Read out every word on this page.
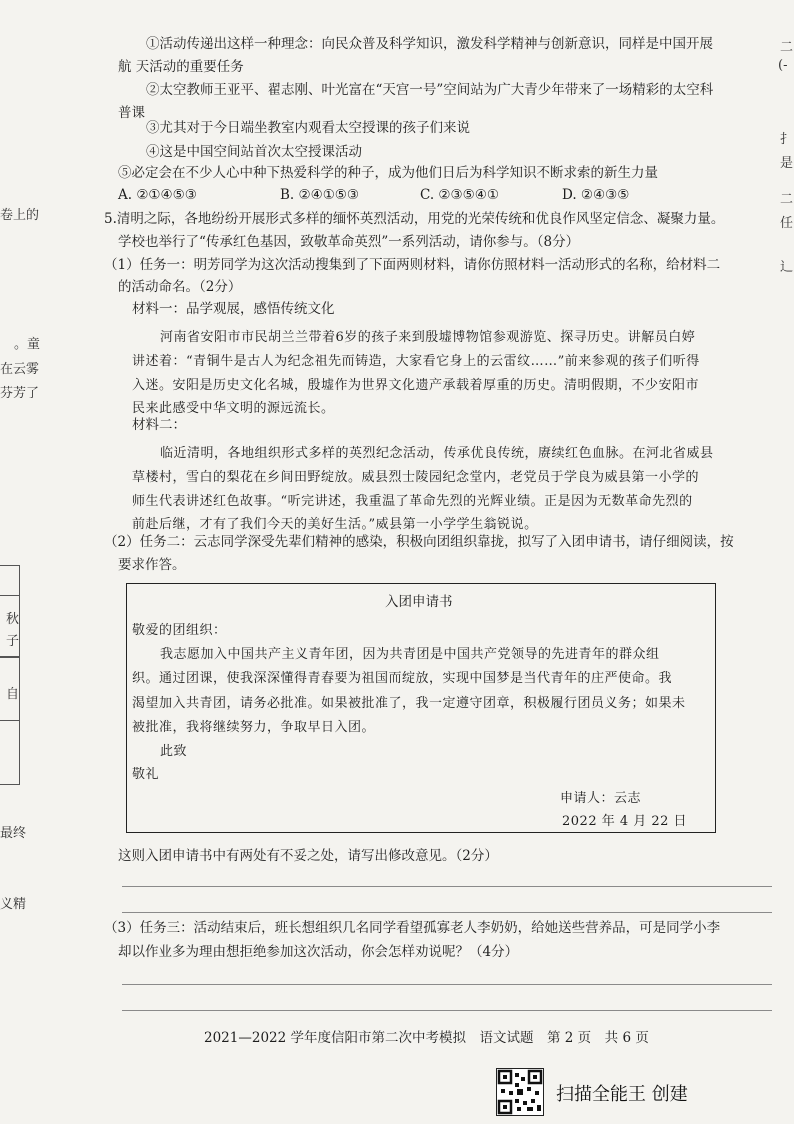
卷上的
。童
在云雾
芬芳了
秋
子
自
最终
义精
二
(-
扌
是
二
任
辶
①活动传递出这样一种理念：向民众普及科学知识，激发科学精神与创新意识，同样是中国开展
航 天活动的重要任务
②太空教师王亚平、翟志刚、叶光富在“天宫一号”空间站为广大青少年带来了一场精彩的太空科
普课
③尤其对于今日端坐教室内观看太空授课的孩子们来说
④这是中国空间站首次太空授课活动
⑤必定会在不少人心中种下热爱科学的种子，成为他们日后为科学知识不断求索的新生力量
A. ②①④⑤③	B. ②④①⑤③	C. ②③⑤④①	D. ②④③⑤
5.清明之际，各地纷纷开展形式多样的缅怀英烈活动，用党的光荣传统和优良作风坚定信念、凝聚力量。
学校也举行了“传承红色基因，致敬革命英烈”一系列活动，请你参与。（8分）
（1）任务一：明芳同学为这次活动搜集到了下面两则材料，请你仿照材料一活动形式的名称，给材料二
的活动命名。（2分）
材料一：品学观展，感悟传统文化
河南省安阳市市民胡兰兰带着6岁的孩子来到殷墟博物馆参观游览、探寻历史。讲解员白婷
讲述着：“青铜牛是古人为纪念祖先而铸造，大家看它身上的云雷纹……”前来参观的孩子们听得
入迷。安阳是历史文化名城，殷墟作为世界文化遗产承载着厚重的历史。清明假期，不少安阳市
民来此感受中华文明的源远流长。
材料二：
临近清明，各地组织形式多样的英烈纪念活动，传承优良传统，赓续红色血脉。在河北省威县
草楼村，雪白的梨花在乡间田野绽放。威县烈士陵园纪念堂内，老党员于学良为威县第一小学的
师生代表讲述红色故事。“听完讲述，我重温了革命先烈的光辉业绩。正是因为无数革命先烈的
前赴后继，才有了我们今天的美好生活。”威县第一小学学生翁锐说。
（2）任务二：云志同学深受先辈们精神的感染，积极向团组织靠拢，拟写了入团申请书，请仔细阅读，按
要求作答。
入团申请书
敬爱的团组织：
我志愿加入中国共产主义青年团，因为共青团是中国共产党领导的先进青年的群众组
织。通过团课，使我深深懂得青春要为祖国而绽放，实现中国梦是当代青年的庄严使命。我
渴望加入共青团，请务必批准。如果被批准了，我一定遵守团章，积极履行团员义务；如果未
被批准，我将继续努力，争取早日入团。
此致
敬礼
申请人：云志
2022 年 4 月 22 日
这则入团申请书中有两处有不妥之处，请写出修改意见。（2分）
（3）任务三：活动结束后，班长想组织几名同学看望孤寡老人李奶奶，给她送些营养品，可是同学小李
却以作业多为理由想拒绝参加这次活动，你会怎样劝说呢？（4分）
2021—2022 学年度信阳市第二次中考模拟　语文试题　第 2 页　共 6 页
扫描全能王 创建
